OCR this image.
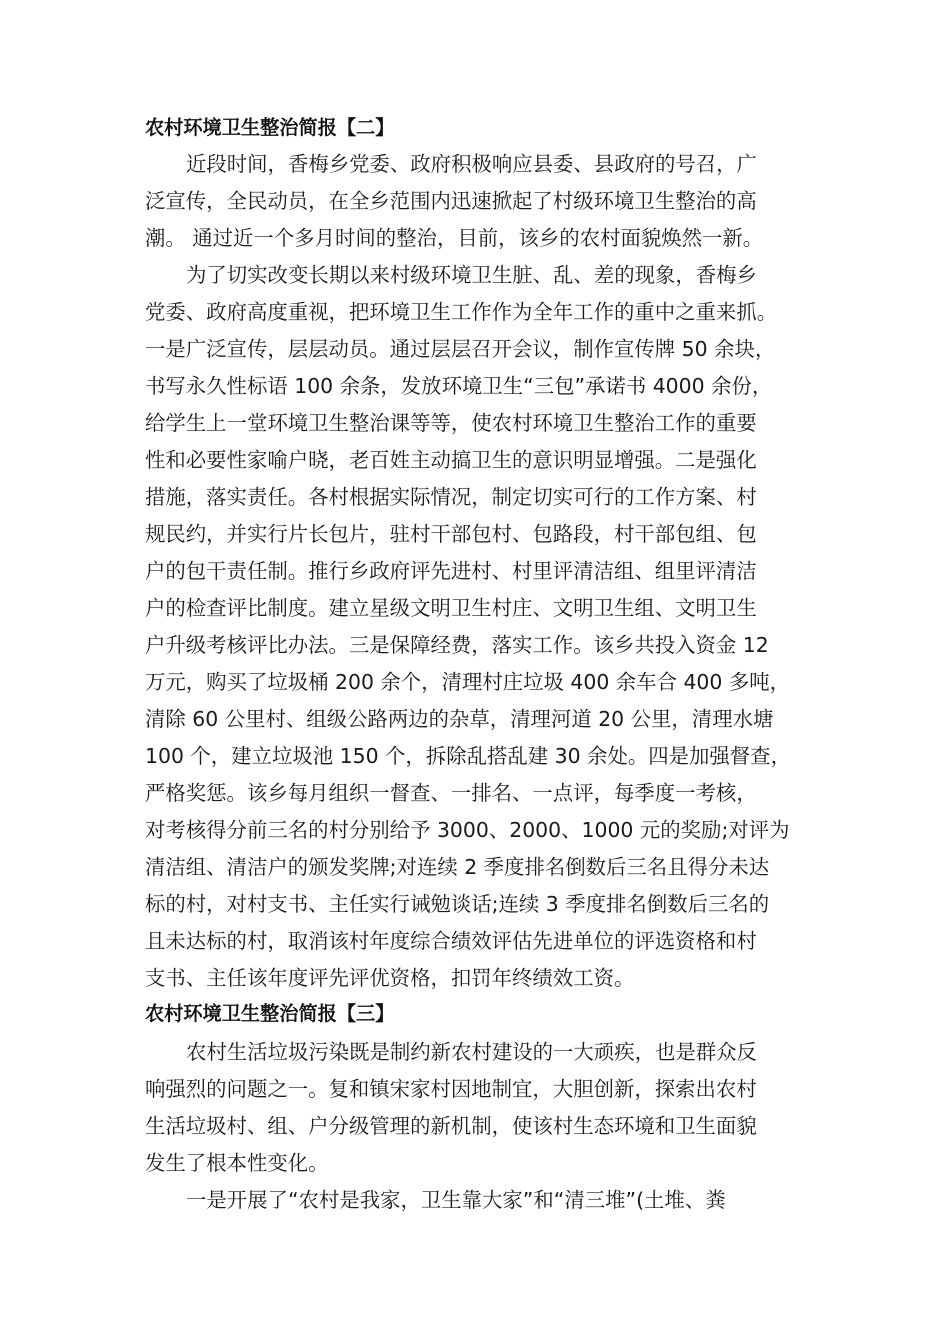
农村环境卫生整治简报【二】
近段时间，香梅乡党委、政府积极响应县委、县政府的号召，广
泛宣传，全民动员，在全乡范围内迅速掀起了村级环境卫生整治的高
潮。 通过近一个多月时间的整治，目前，该乡的农村面貌焕然一新。
为了切实改变长期以来村级环境卫生脏、乱、差的现象，香梅乡
党委、政府高度重视，把环境卫生工作作为全年工作的重中之重来抓。
一是广泛宣传，层层动员。通过层层召开会议，制作宣传牌 50 余块，
书写永久性标语 100 余条，发放环境卫生“三包”承诺书 4000 余份，
给学生上一堂环境卫生整治课等等，使农村环境卫生整治工作的重要
性和必要性家喻户晓，老百姓主动搞卫生的意识明显增强。二是强化
措施，落实责任。各村根据实际情况，制定切实可行的工作方案、村
规民约，并实行片长包片，驻村干部包村、包路段，村干部包组、包
户的包干责任制。推行乡政府评先进村、村里评清洁组、组里评清洁
户的检查评比制度。建立星级文明卫生村庄、文明卫生组、文明卫生
户升级考核评比办法。三是保障经费，落实工作。该乡共投入资金 12
万元，购买了垃圾桶 200 余个，清理村庄垃圾 400 余车合 400 多吨，
清除 60 公里村、组级公路两边的杂草，清理河道 20 公里，清理水塘
100 个，建立垃圾池 150 个，拆除乱搭乱建 30 余处。四是加强督查，
严格奖惩。该乡每月组织一督查、一排名、一点评，每季度一考核，
对考核得分前三名的村分别给予 3000、2000、1000 元的奖励;对评为
清洁组、清洁户的颁发奖牌;对连续 2 季度排名倒数后三名且得分未达
标的村，对村支书、主任实行诫勉谈话;连续 3 季度排名倒数后三名的
且未达标的村，取消该村年度综合绩效评估先进单位的评选资格和村
支书、主任该年度评先评优资格，扣罚年终绩效工资。
农村环境卫生整治简报【三】
农村生活垃圾污染既是制约新农村建设的一大顽疾，也是群众反
响强烈的问题之一。复和镇宋家村因地制宜，大胆创新，探索出农村
生活垃圾村、组、户分级管理的新机制，使该村生态环境和卫生面貌
发生了根本性变化。
一是开展了“农村是我家，卫生靠大家”和“清三堆”(土堆、粪
